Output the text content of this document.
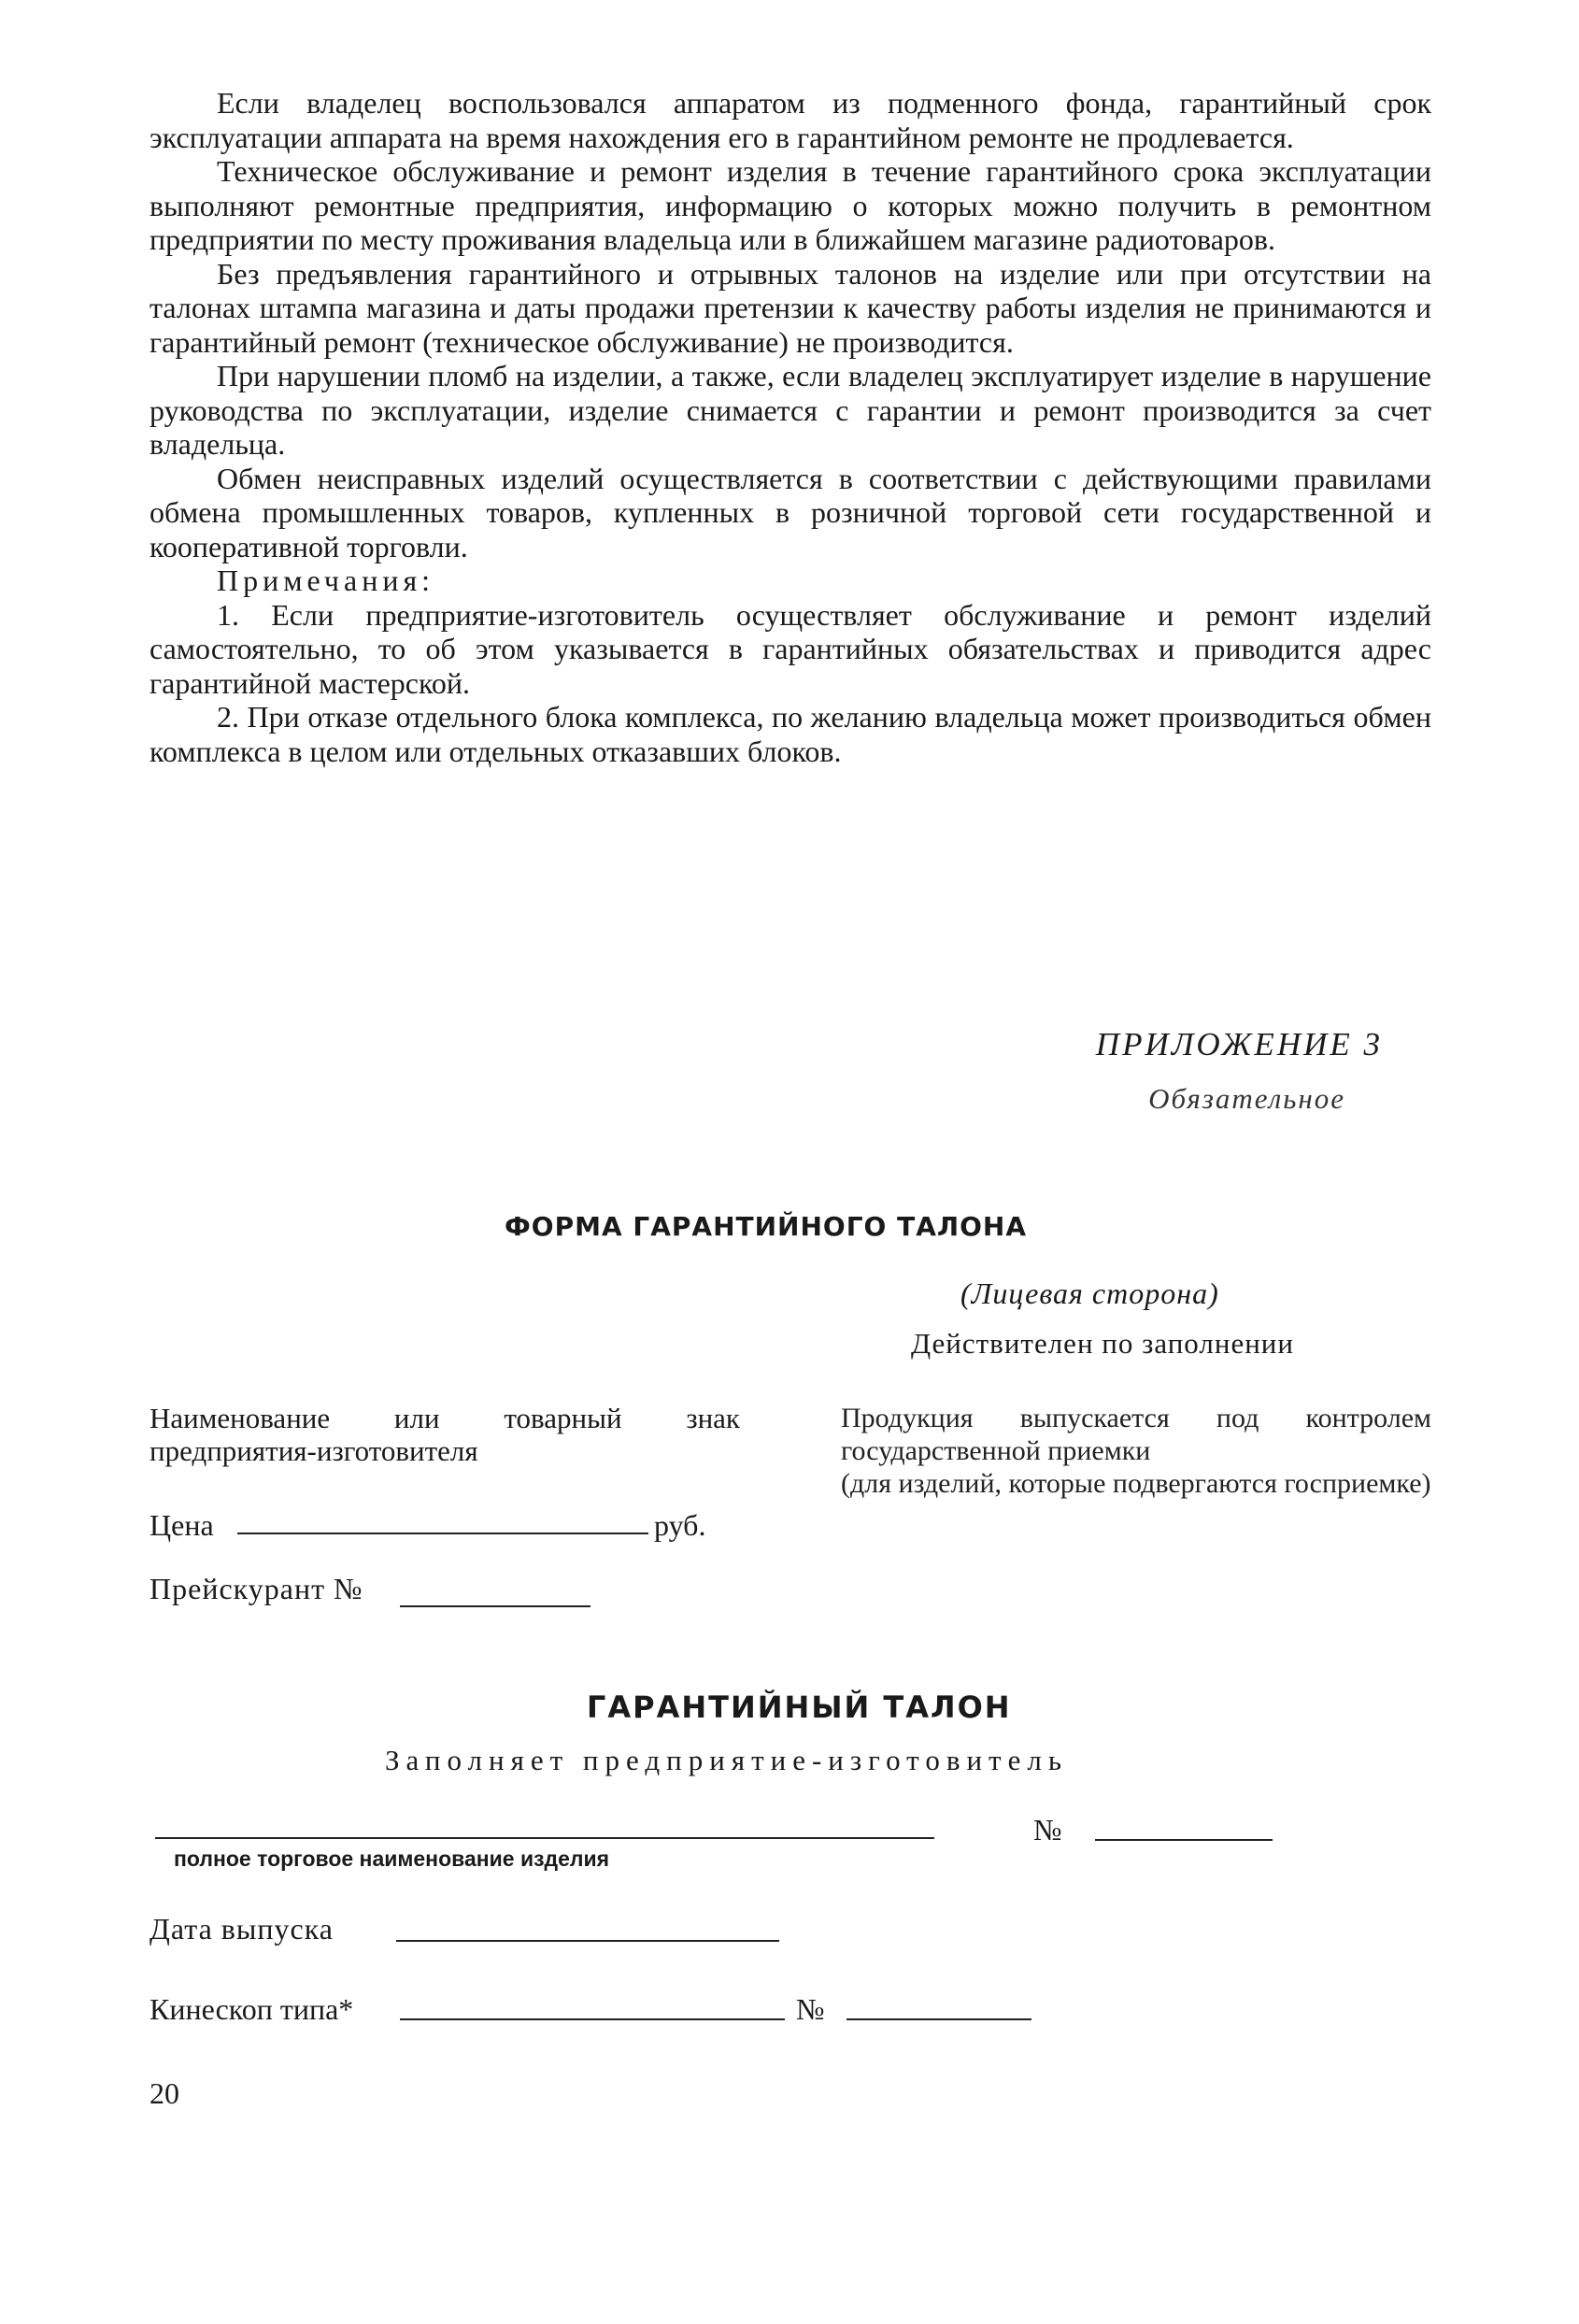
Если владелец воспользовался аппаратом из подменного фонда, гарантийный срок эксплуатации аппарата на время нахождения его в гарантийном ремонте не продлевается.

Техническое обслуживание и ремонт изделия в течение гарантийного срока эксплуатации выполняют ремонтные предприятия, информацию о которых можно получить в ремонтном предприятии по месту проживания владельца или в ближайшем магазине радиотоваров.

Без предъявления гарантийного и отрывных талонов на изделие или при отсутствии на талонах штампа магазина и даты продажи претензии к качеству работы изделия не принимаются и гарантийный ремонт (техническое обслуживание) не производится.

При нарушении пломб на изделии, а также, если владелец эксплуатирует изделие в нарушение руководства по эксплуатации, изделие снимается с гарантии и ремонт производится за счет владельца.

Обмен неисправных изделий осуществляется в соответствии с действующими правилами обмена промышленных товаров, купленных в розничной торговой сети государственной и кооперативной торговли.

Примечания:

1. Если предприятие-изготовитель осуществляет обслуживание и ремонт изделий самостоятельно, то об этом указывается в гарантийных обязательствах и приводится адрес гарантийной мастерской.

2. При отказе отдельного блока комплекса, по желанию владельца может производиться обмен комплекса в целом или отдельных отказавших блоков.

ПРИЛОЖЕНИЕ 3
Обязательное
ФОРМА ГАРАНТИЙНОГО ТАЛОНА
(Лицевая сторона)
Действителен по заполнении
Наименование или товарный знак предприятия-изготовителя
Цена	руб.
Прейскурант №
Продукция выпускается под контролем государственной приемки
(для изделий, которые подвергаются госприемке)
ГАРАНТИЙНЫЙ ТАЛОН
Заполняет предприятие-изготовитель
№
полное торговое наименование изделия
Дата выпуска
Кинескоп типа*	№
20
